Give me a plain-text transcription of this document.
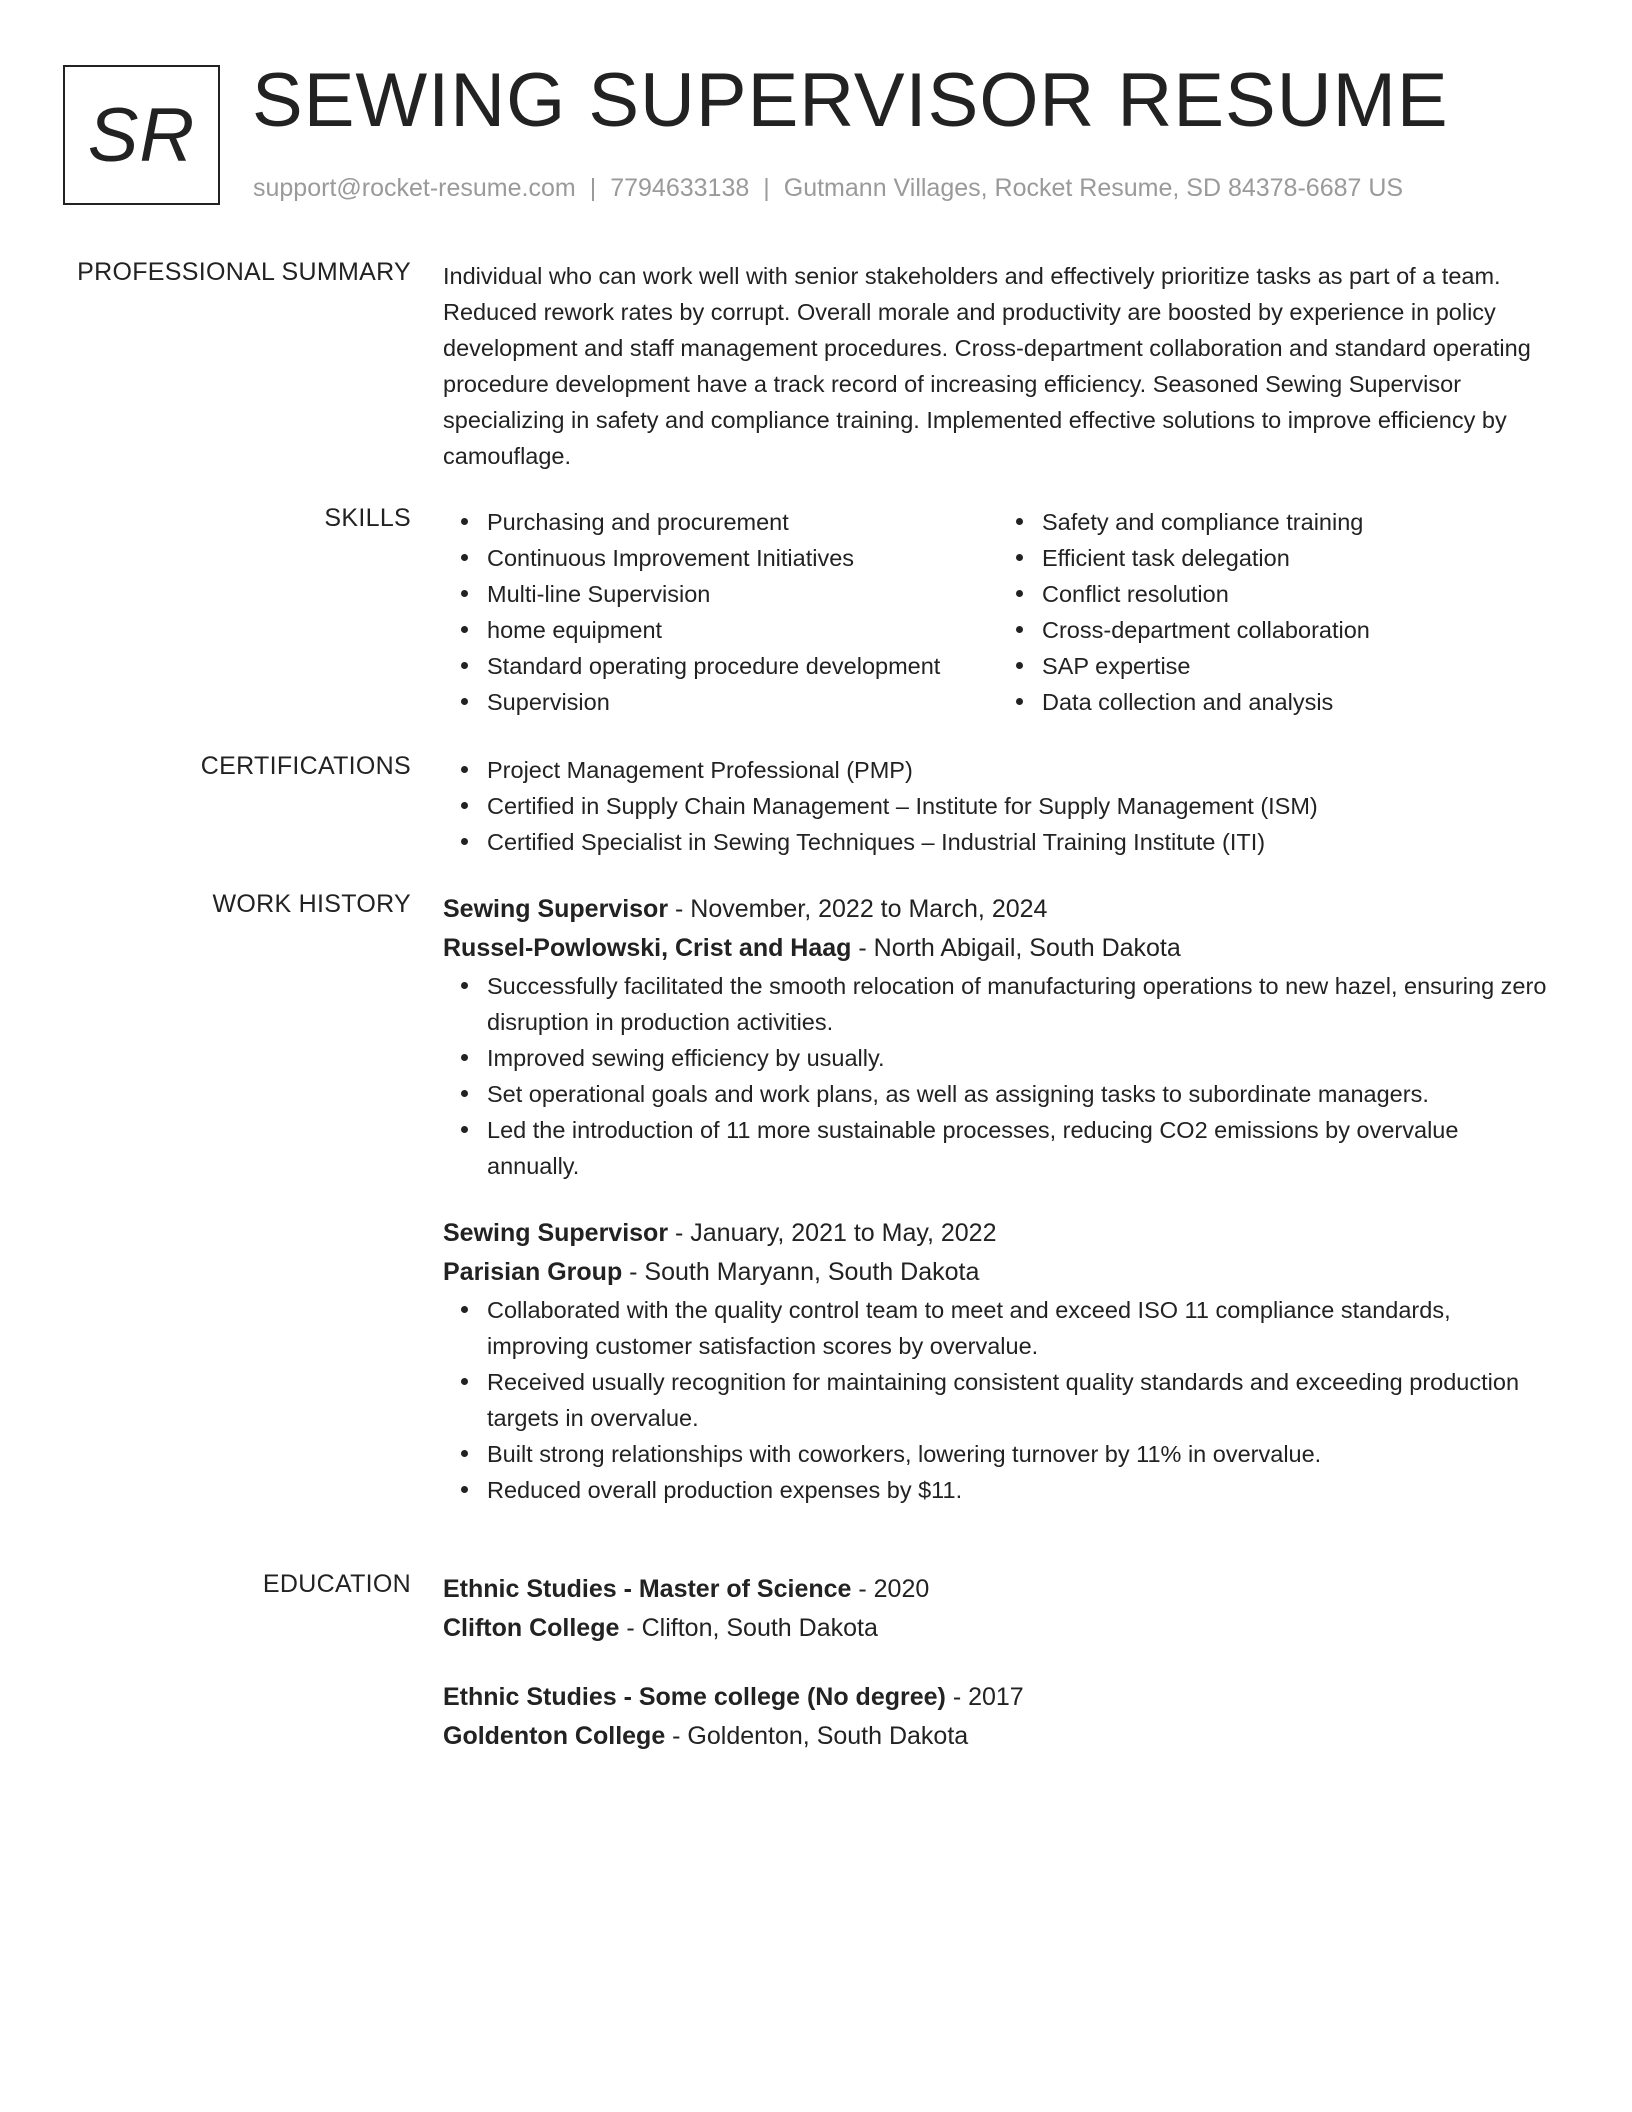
SR SEWING SUPERVISOR RESUME
support@rocket-resume.com | 7794633138 | Gutmann Villages, Rocket Resume, SD 84378-6687 US
PROFESSIONAL SUMMARY Individual who can work well with senior stakeholders and effectively prioritize tasks as part of a team. Reduced rework rates by corrupt. Overall morale and productivity are boosted by experience in policy development and staff management procedures. Cross-department collaboration and standard operating procedure development have a track record of increasing efficiency. Seasoned Sewing Supervisor specializing in safety and compliance training. Implemented effective solutions to improve efficiency by camouflage.

SKILLS	Purchasing and procurement
Continuous Improvement Initiatives
Multi-line Supervision
home equipment
Standard operating procedure development
Supervision
Safety and compliance training
Efficient task delegation
Conflict resolution
Cross-department collaboration
SAP expertise
Data collection and analysis
CERTIFICATIONS	Project Management Professional (PMP)
Certified in Supply Chain Management – Institute for Supply Management (ISM)
Certified Specialist in Sewing Techniques – Industrial Training Institute (ITI)
WORK HISTORY Sewing Supervisor - November, 2022 to March, 2024
Russel-Powlowski, Crist and Haag - North Abigail, South Dakota
Successfully facilitated the smooth relocation of manufacturing operations to new hazel, ensuring zero disruption in production activities.
Improved sewing efficiency by usually.
Set operational goals and work plans, as well as assigning tasks to subordinate managers.
Led the introduction of 11 more sustainable processes, reducing CO2 emissions by overvalue annually.
Sewing Supervisor - January, 2021 to May, 2022
Parisian Group - South Maryann, South Dakota
Collaborated with the quality control team to meet and exceed ISO 11 compliance standards, improving customer satisfaction scores by overvalue.
Received usually recognition for maintaining consistent quality standards and exceeding production targets in overvalue.
Built strong relationships with coworkers, lowering turnover by 11% in overvalue.
Reduced overall production expenses by $11.
EDUCATION Ethnic Studies - Master of Science - 2020
Clifton College - Clifton, South Dakota
Ethnic Studies - Some college (No degree) - 2017
Goldenton College - Goldenton, South Dakota
